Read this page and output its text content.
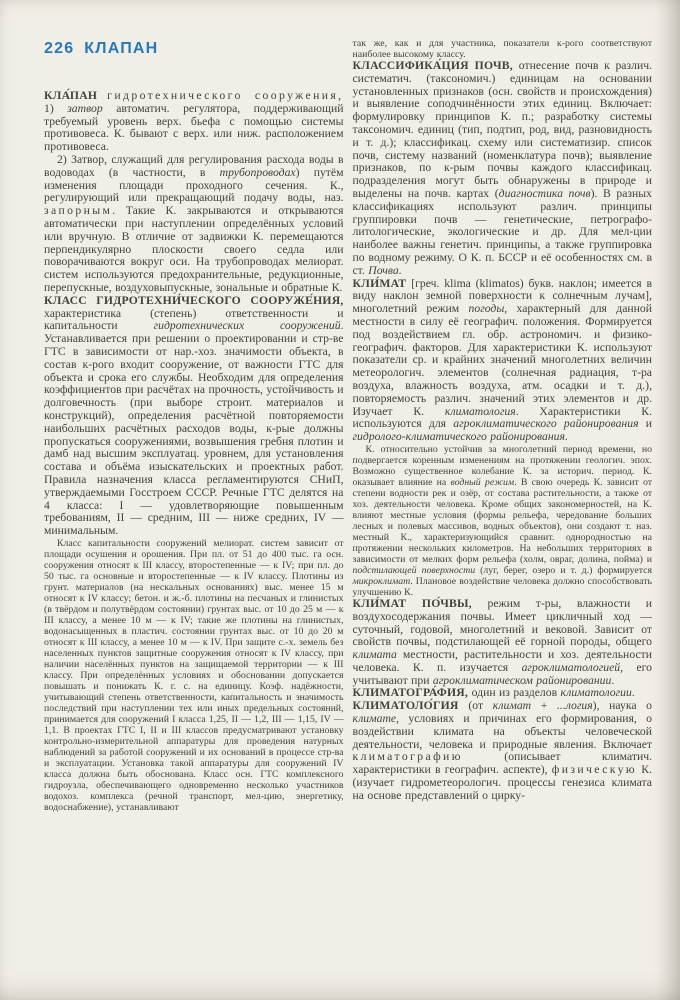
226 КЛАПАН

КЛА́ПАН гидротехнического сооружения, 1) затвор автоматич. регулятора, поддерживающий требуемый уровень верх. бьефа с помощью системы противовеса. К. бывают с верх. или ниж. расположением противовеса.

2) Затвор, служащий для регулирования расхода воды в водоводах (в частности, в трубопроводах) путём изменения площади проходного сечения. К., регулирующий или прекращающий подачу воды, наз. запорным. Такие К. закрываются и открываются автоматически при наступлении определённых условий или вручную. В отличие от задвижки К. перемещаются перпендикулярно плоскости своего седла или поворачиваются вокруг оси. На трубопроводах мелиорат. систем используются предохранительные, редукционные, перепускные, воздуховыпускные, зональные и обратные К.

КЛАСС ГИДРОТЕХНИ́ЧЕСКОГО СООРУЖЕ́НИЯ, характеристика (степень) ответственности и капитальности гидротехнических сооружений. Устанавливается при решении о проектировании и стр-ве ГТС в зависимости от нар.-хоз. значимости объекта, в состав к-рого входит сооружение, от важности ГТС для объекта и срока его службы. Необходим для определения коэффициентов при расчётах на прочность, устойчивость и долговечность (при выборе строит. материалов и конструкций), определения расчётной повторяемости наибольших расчётных расходов воды, к-рые должны пропускаться сооружениями, возвышения гребня плотин и дамб над высшим эксплуатац. уровнем, для установления состава и объёма изыскательских и проектных работ. Правила назначения класса регламентируются СНиП, утверждаемыми Госстроем СССР. Речные ГТС делятся на 4 класса: I — удовлетворяющие повышенным требованиям, II — средним, III — ниже средних, IV — минимальным.

Класс капитальности сооружений мелиорат. систем зависит от площади осушения и орошения. При пл. от 51 до 400 тыс. га осн. сооружения относят к III классу, второстепенные — к IV; при пл. до 50 тыс. га основные и второстепенные — к IV классу. Плотины из грунт. материалов (на нескальных основаниях) выс. менее 15 м относят к IV классу; бетон. и ж.-б. плотины на песчаных и глинистых (в твёрдом и полутвёрдом состоянии) грунтах выс. от 10 до 25 м — к III классу, а менее 10 м — к IV; такие же плотины на глинистых, водонасыщенных в пластич. состоянии грунтах выс. от 10 до 20 м относят к III классу, а менее 10 м — к IV. При защите с.-х. земель без населенных пунктов защитные сооружения относят к IV классу, при наличии населённых пунктов на защищаемой территории — к III классу. При определённых условиях и обосновании допускается повышать и понижать К. г. с. на единицу. Коэф. надёжности, учитывающий степень ответственности, капитальность и значимость последствий при наступлении тех или иных предельных состояний, принимается для сооружений I класса 1,25, II — 1,2, III — 1,15, IV — 1,1. В проектах ГТС I, II и III классов предусматривают установку контрольно-измерительной аппаратуры для проведения натурных наблюдений за работой сооружений и их оснований в процессе стр-ва и эксплуатации. Установка такой аппаратуры для сооружений IV класса должна быть обоснована. Класс осн. ГТС комплексного гидроузла, обеспечивающего одновременно несколько участников водохоз. комплекса (речной транспорт, мел-цию, энергетику, водоснабжение), устанавливают

так же, как и для участника, показатели к-рого соответствуют наиболее высокому классу.

КЛАССИФИКА́ЦИЯ ПОЧВ, отнесение почв к различ. систематич. (таксономич.) единицам на основании установленных признаков (осн. свойств и происхождения) и выявление соподчинённости этих единиц. Включает: формулировку принципов К. п.; разработку системы таксономич. единиц (тип, подтип, род, вид, разновидность и т. д.); классификац. схему или систематизир. список почв, систему названий (номенклатура почв); выявление признаков, по к-рым почвы каждого классификац. подразделения могут быть обнаружены в природе и выделены на почв. картах (диагностика почв). В разных классификациях используют различ. принципы группировки почв — генетические, петрографо-литологические, экологические и др. Для мел-ции наиболее важны генетич. принципы, а также группировка по водному режиму. О К. п. БССР и её особенностях см. в ст. Почва.

КЛИ́МАТ [греч. klima (klimatos) букв. наклон; имеется в виду наклон земной поверхности к солнечным лучам], многолетний режим погоды, характерный для данной местности в силу её географич. положения. Формируется под воздействием гл. обр. астрономич. и физико-географич. факторов. Для характеристики К. используют показатели ср. и крайних значений многолетних величин метеорологич. элементов (солнечная радиация, т-ра воздуха, влажность воздуха, атм. осадки и т. д.), повторяемость различ. значений этих элементов и др. Изучает К. климатология. Характеристики К. используются для агроклиматического районирования и гидролого-климатического районирования.

К. относительно устойчив за многолетний период времени, но подвергается коренным изменениям на протяжении геологич. эпох. Возможно существенное колебание К. за историч. период. К. оказывает влияние на водный режим. В свою очередь К. зависит от степени водности рек и озёр, от состава растительности, а также от хоз. деятельности человека. Кроме общих закономерностей, на К. влияют местные условия (формы рельефа, чередование больших лесных и полевых массивов, водных объектов), они создают т. наз. местный К., характеризующийся сравнит. однородностью на протяжении нескольких километров. На небольших территориях в зависимости от мелких форм рельефа (холм, овраг, долина, пойма) и подстилающей поверхности (луг, берег, озеро и т. д.) формируется микроклимат. Плановое воздействие человека должно способствовать улучшению К.

КЛИ́МАТ ПО́ЧВЫ, режим т-ры, влажности и воздухосодержания почвы. Имеет цикличный ход — суточный, годовой, многолетний и вековой. Зависит от свойств почвы, подстилающей её горной породы, общего климата местности, растительности и хоз. деятельности человека. К. п. изучается агроклиматологией, его учитывают при агроклиматическом районировании.

КЛИМАТОГРА́ФИЯ, один из разделов климатологии.

КЛИМАТОЛО́ГИЯ (от климат + ...логия), наука о климате, условиях и причинах его формирования, о воздействии климата на объекты человеческой деятельности, человека и природные явления. Включает климатографию (описывает климатич. характеристики в географич. аспекте), физическую К. (изучает гидрометеорологич. процессы генезиса климата на основе представлений о цирку-
